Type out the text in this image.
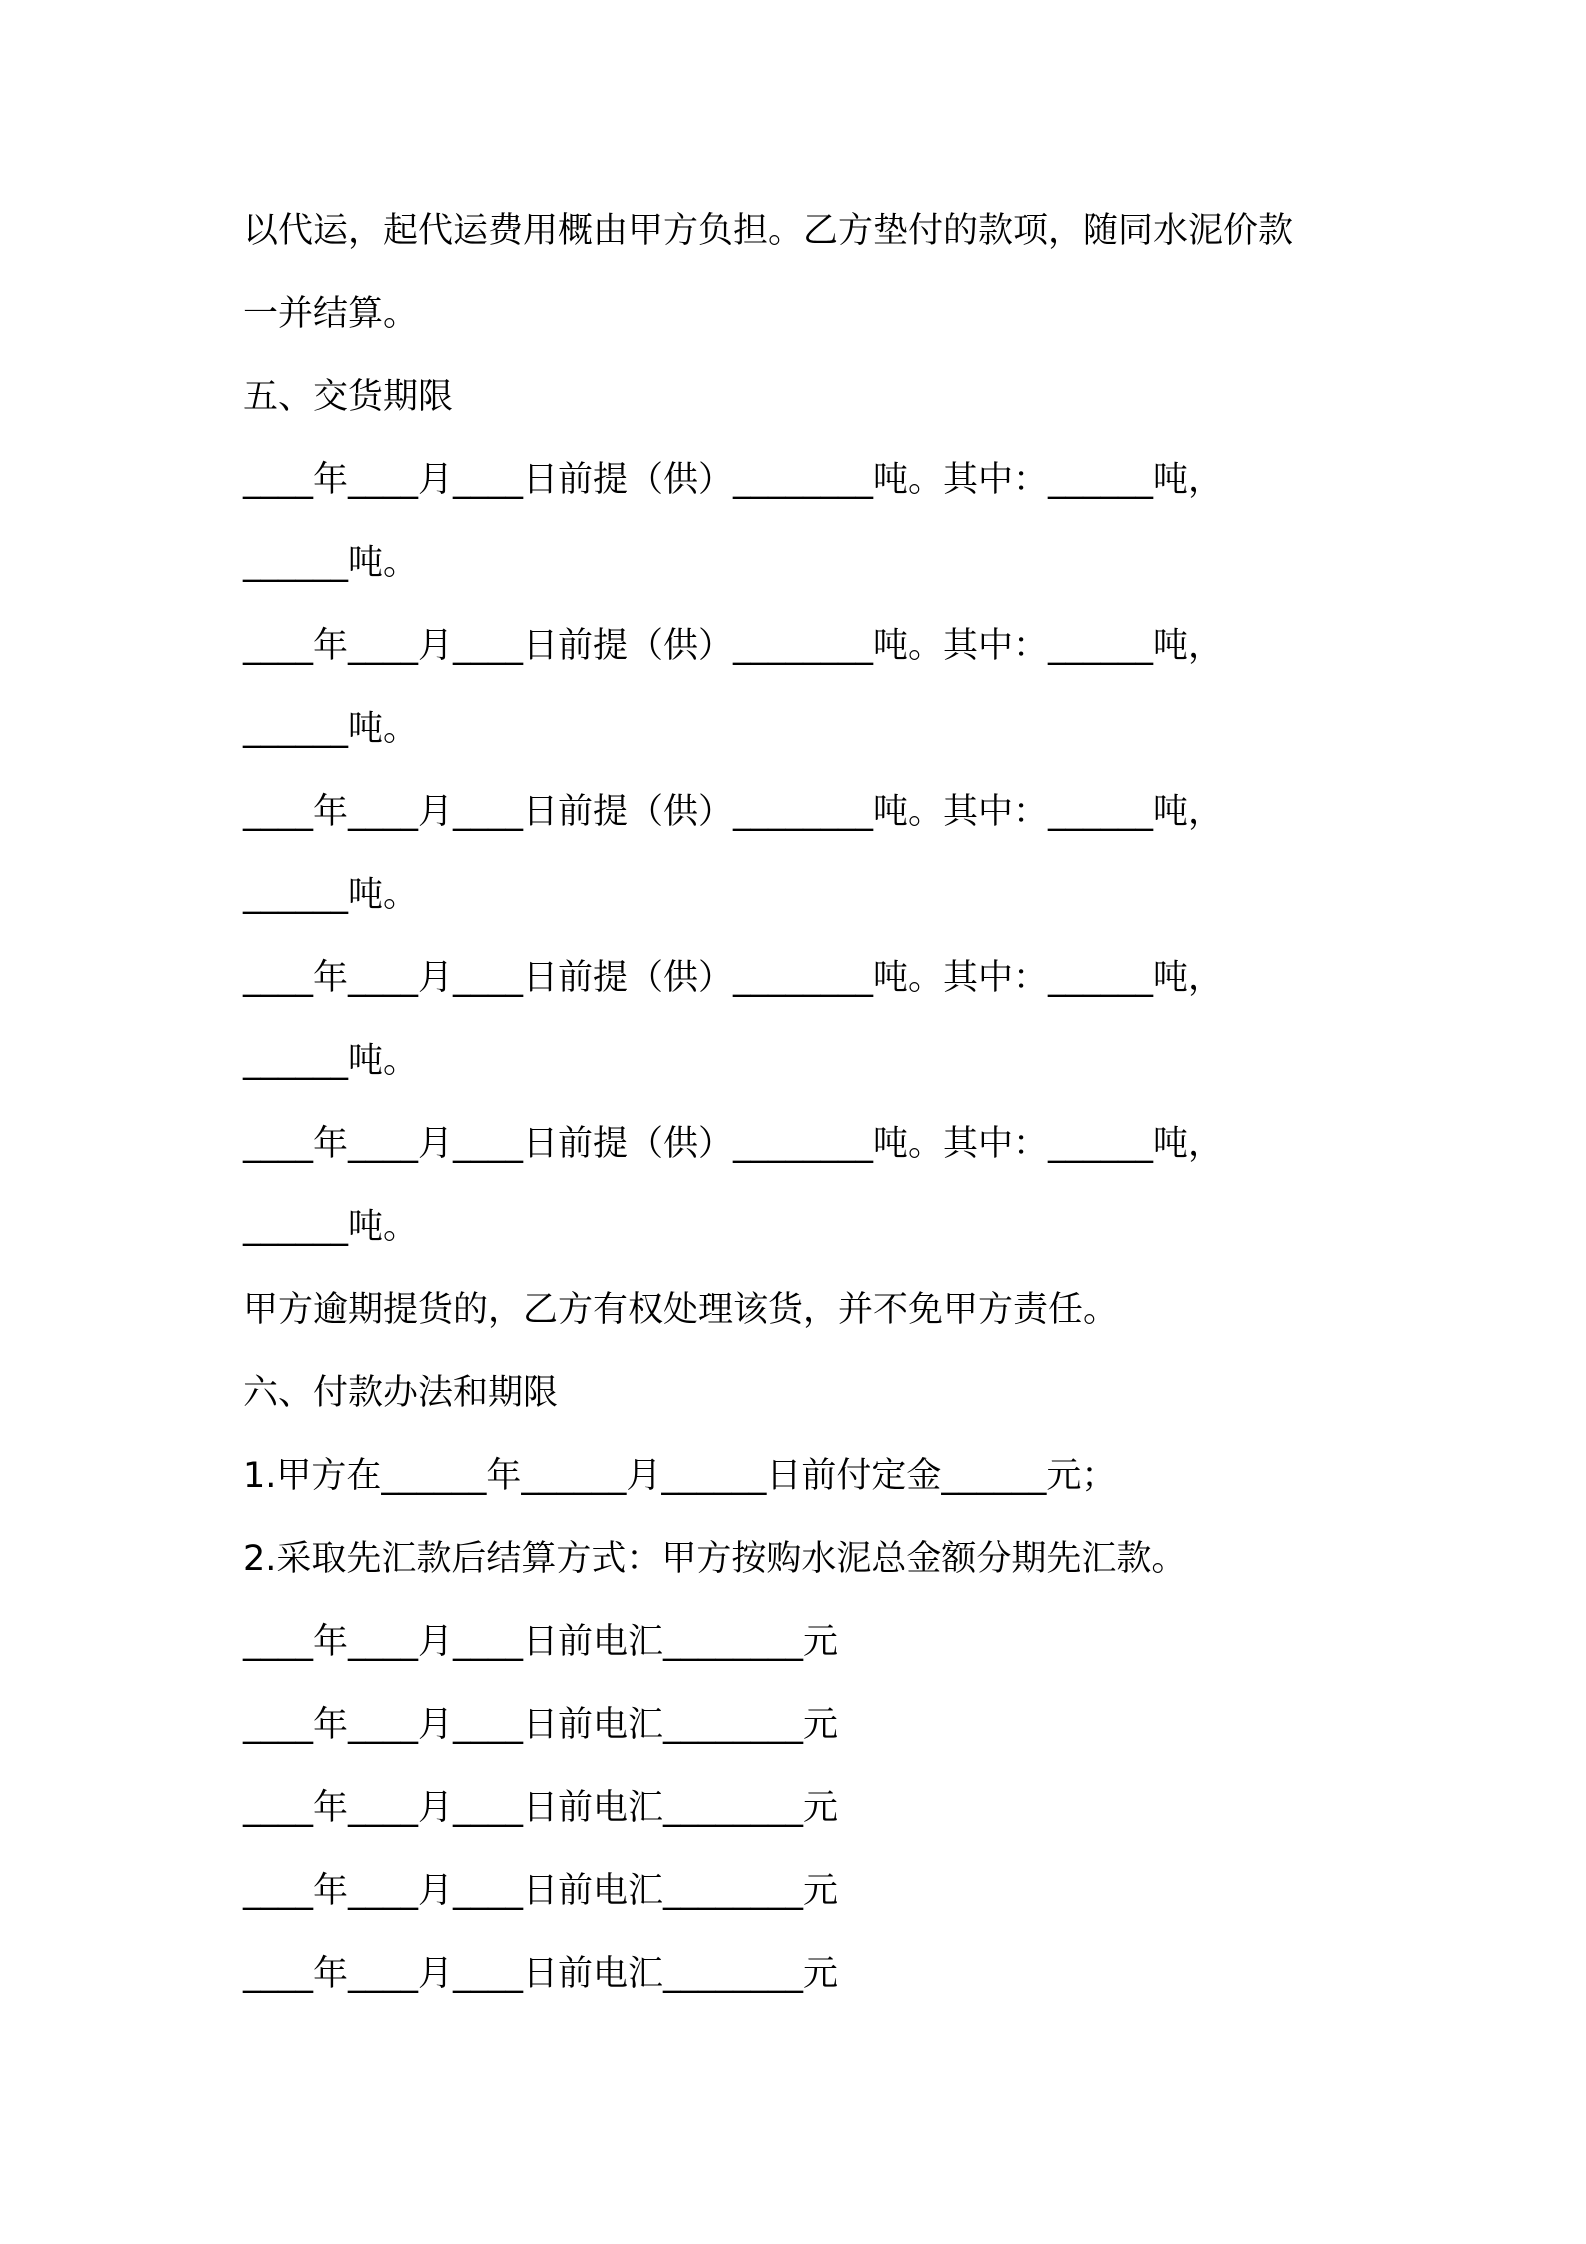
以代运，起代运费用概由甲方负担。乙方垫付的款项，随同水泥价款

一并结算。

五、交货期限

____年____月____日前提（供）________吨。其中：______吨，

______吨。

____年____月____日前提（供）________吨。其中：______吨，

______吨。

____年____月____日前提（供）________吨。其中：______吨，

______吨。

____年____月____日前提（供）________吨。其中：______吨，

______吨。

____年____月____日前提（供）________吨。其中：______吨，

______吨。

甲方逾期提货的，乙方有权处理该货，并不免甲方责任。

六、付款办法和期限

1.甲方在______年______月______日前付定金______元；

2.采取先汇款后结算方式：甲方按购水泥总金额分期先汇款。

____年____月____日前电汇________元

____年____月____日前电汇________元

____年____月____日前电汇________元

____年____月____日前电汇________元

____年____月____日前电汇________元
